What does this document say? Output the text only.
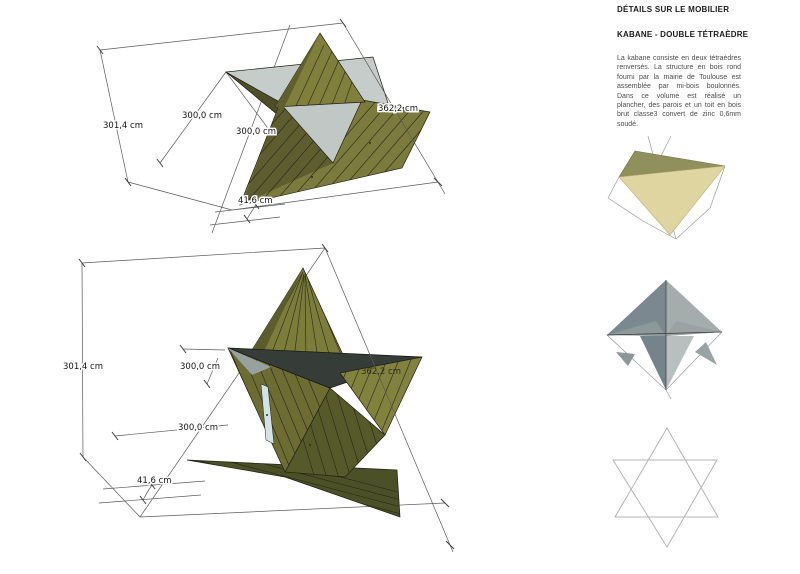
301,4 cm
300,0 cm
300,0 cm
362,2 cm
41,6 cm
301,4 cm	300,0 cm
300,0 cm
362,2 cm
41,6 cm
DÉTAILS SUR LE MOBILIER
KABANE - DOUBLE TÉTRAÈDRE
La kabane consiste en deux tétraèdres renversés. La structure en bois rond fourni par la mairie de Toulouse est assemblée par mi-bois boulonnés. Dans ce volume est réalisé un plancher, des parois et un toit en bois brut classe3 convert de zinc 0,6mm soudé.
